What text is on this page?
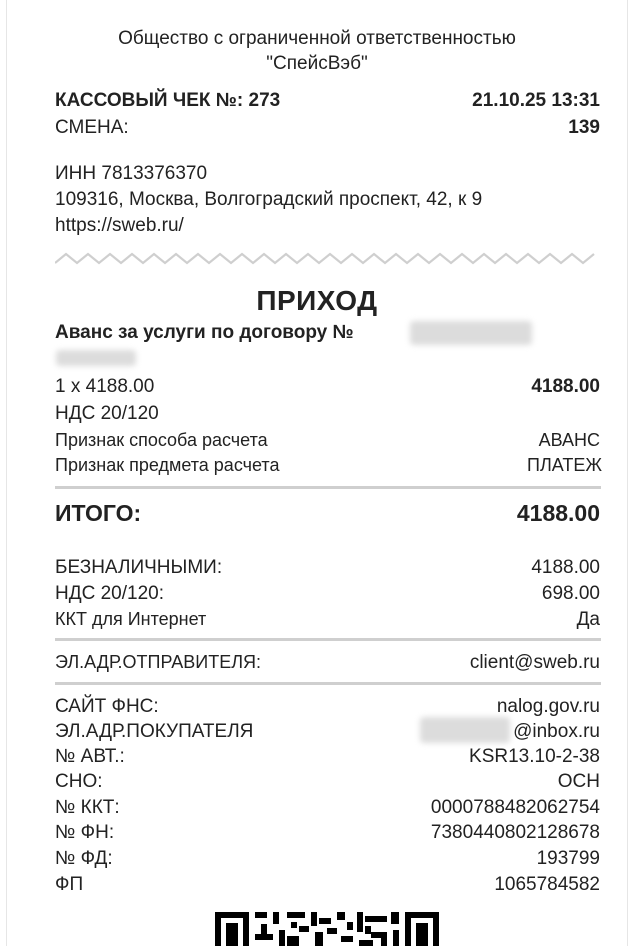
Общество с ограниченной ответственностью
"СпейсВэб"
КАССОВЫЙ ЧЕК №: 273	21.10.25 13:31
СМЕНА:	139
ИНН 7813376370
109316, Москва, Волгоградский проспект, 42, к 9
https://sweb.ru/
ПРИХОД
Аванс за услуги по договору №
1 x 4188.00	4188.00
НДС 20/120
Признак способа расчета	АВАНС
Признак предмета расчета	ПЛАТЕЖ
ИТОГО:	4188.00
БЕЗНАЛИЧНЫМИ:	4188.00
НДС 20/120:	698.00
ККТ для Интернет	Да
ЭЛ.АДР.ОТПРАВИТЕЛЯ:	client@sweb.ru
САЙТ ФНС:	nalog.gov.ru
ЭЛ.АДР.ПОКУПАТЕЛЯ	@inbox.ru
№ АВТ.:	KSR13.10-2-38
СНО:	ОСН
№ ККТ:	0000788482062754
№ ФН:	7380440802128678
№ ФД:	193799
ФП	1065784582
